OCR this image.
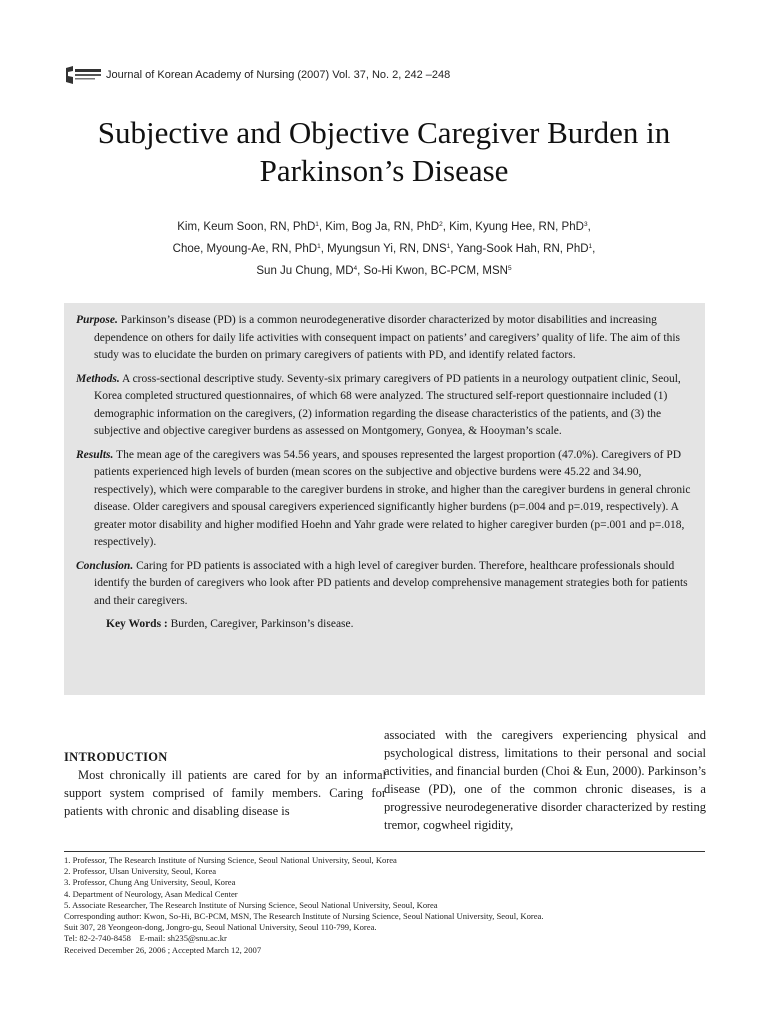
Journal of Korean Academy of Nursing (2007) Vol. 37, No. 2, 242 –248
Subjective and Objective Caregiver Burden in
Parkinson’s Disease
Kim, Keum Soon, RN, PhD$^1$, Kim, Bog Ja, RN, PhD$^2$, Kim, Kyung Hee, RN, PhD$^3$,
Choe, Myoung-Ae, RN, PhD$^1$, Myungsun Yi, RN, DNS$^1$, Yang-Sook Hah, RN, PhD$^1$,
Sun Ju Chung, $MD^4$, So-Hi Kwon, BC-PCM, MSN$^5$

Purpose. Parkinson’s disease (PD) is a common neurodegenerative disorder characterized by motor disabilities and increasing dependence on others for daily life activities with consequent impact on patients’ and caregivers’ quality of life. The aim of this study was to elucidate the burden on primary caregivers of patients with PD, and identify related factors.

Methods. A cross-sectional descriptive study. Seventy-six primary caregivers of PD patients in a neurology outpatient clinic, Seoul, Korea completed structured questionnaires, of which 68 were analyzed. The structured self-report questionnaire included (1) demographic information on the caregivers, (2) information regarding the disease characteristics of the patients, and (3) the subjective and objective caregiver burdens as assessed on Montgomery, Gonyea, & Hooyman’s scale.

Results. The mean age of the caregivers was 54.56 years, and spouses represented the largest proportion (47.0%). Caregivers of PD patients experienced high levels of burden (mean scores on the subjective and objective burdens were 45.22 and 34.90, respectively), which were comparable to the caregiver burdens in stroke, and higher than the caregiver burdens in general chronic disease. Older caregivers and spousal caregivers experienced significantly higher burdens (p=.004 and p=.019, respectively). A greater motor disability and higher modified Hoehn and Yahr grade were related to higher caregiver burden (p=.001 and p=.018, respectively).

Conclusion. Caring for PD patients is associated with a high level of caregiver burden. Therefore, healthcare professionals should identify the burden of caregivers who look after PD patients and develop comprehensive management strategies both for patients and their caregivers.

Key Words : Burden, Caregiver, Parkinson’s disease.

INTRODUCTION

Most chronically ill patients are cared for by an informal support system comprised of family members. Caring for patients with chronic and disabling disease is

associated with the caregivers experiencing physical and psychological distress, limitations to their personal and social activities, and financial burden (Choi & Eun, 2000). Parkinson’s disease (PD), one of the common chronic diseases, is a progressive neurodegenerative disorder characterized by resting tremor, cogwheel rigidity,

1. Professor, The Research Institute of Nursing Science, Seoul National University, Seoul, Korea
2. Professor, Ulsan University, Seoul, Korea
3. Professor, Chung Ang University, Seoul, Korea
4. Department of Neurology, Asan Medical Center
5. Associate Researcher, The Research Institute of Nursing Science, Seoul National University, Seoul, Korea
Corresponding author: Kwon, So-Hi, BC-PCM, MSN, The Research Institute of Nursing Science, Seoul National University, Seoul, Korea.
Suit 307, 28 Yeongeon-dong, Jongro-gu, Seoul National University, Seoul 110-799, Korea.
Tel: 82-2-740-8458    E-mail: sh235@snu.ac.kr
Received December 26, 2006 ; Accepted March 12, 2007
